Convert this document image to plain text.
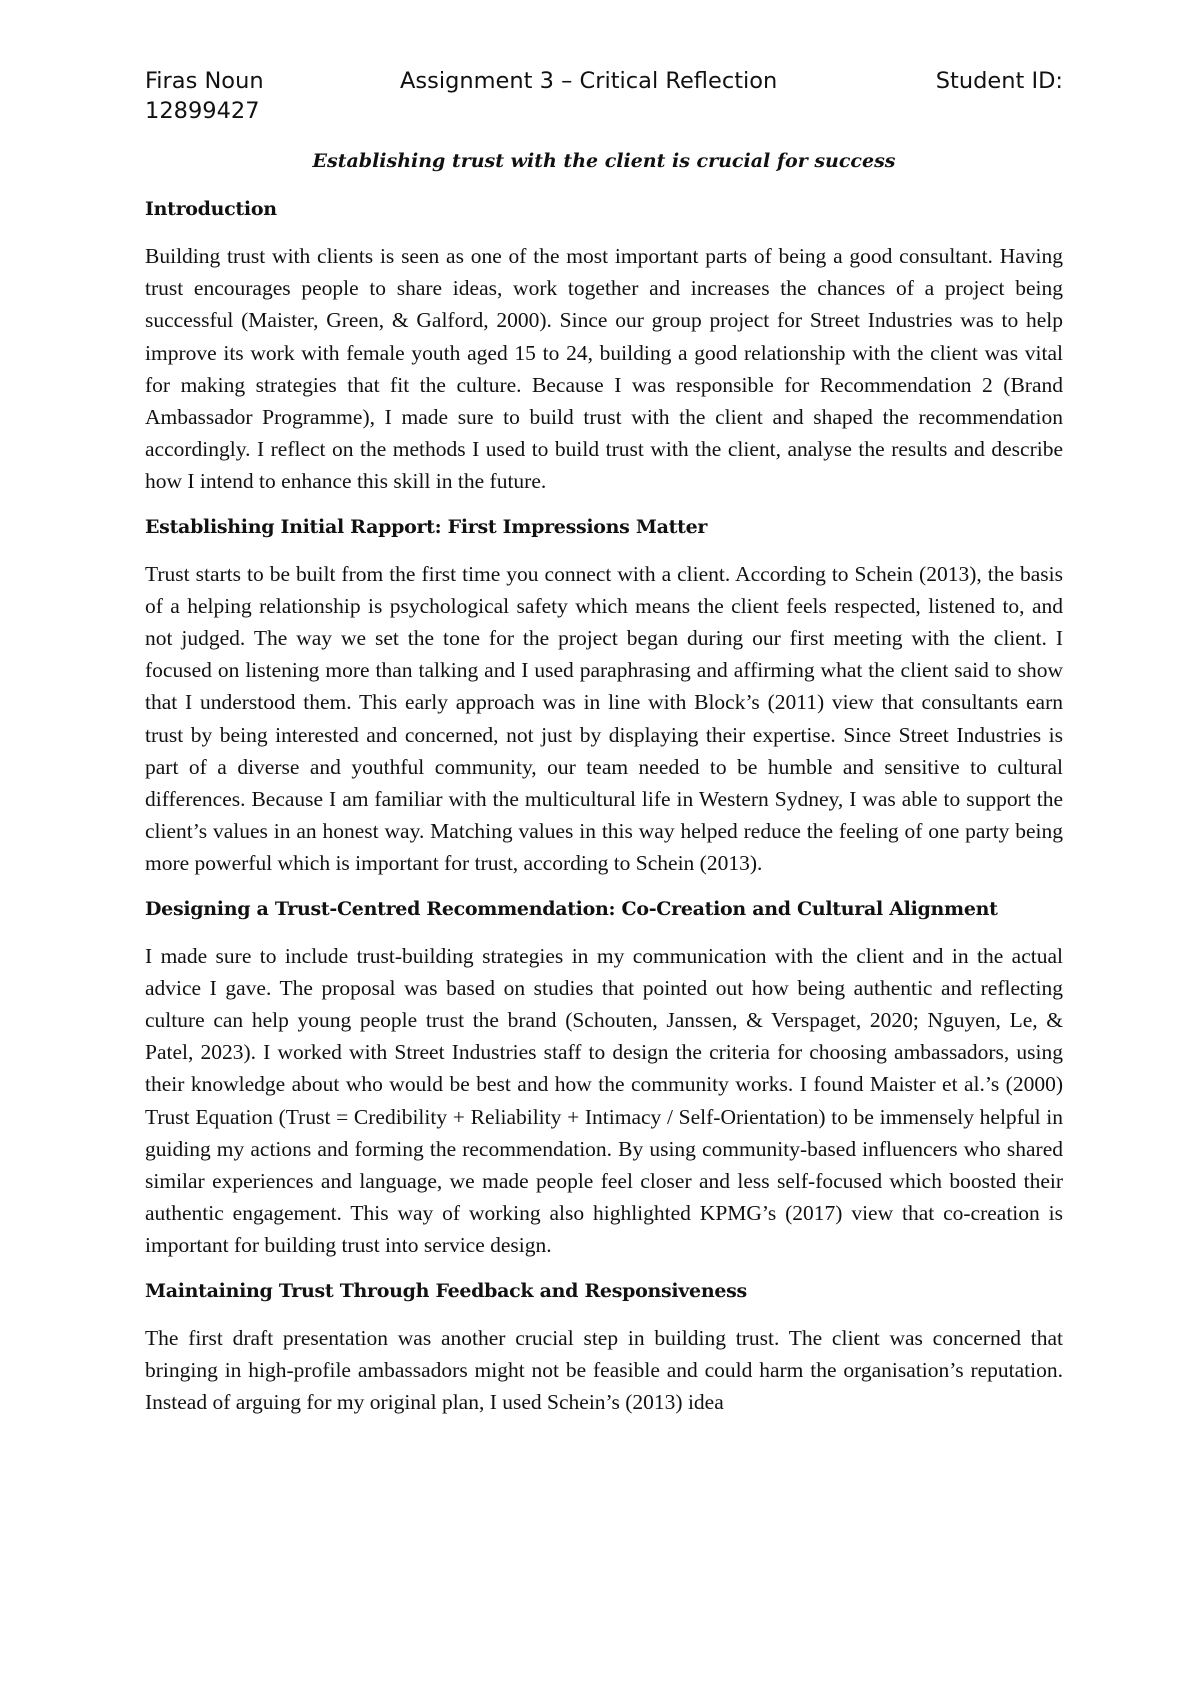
Firas Noun	Assignment 3 – Critical Reflection	Student ID:
12899427
Establishing trust with the client is crucial for success
Introduction

Building trust with clients is seen as one of the most important parts of being a good consultant. Having trust encourages people to share ideas, work together and increases the chances of a project being successful (Maister, Green, & Galford, 2000). Since our group project for Street Industries was to help improve its work with female youth aged 15 to 24, building a good relationship with the client was vital for making strategies that fit the culture. Because I was responsible for Recommendation 2 (Brand Ambassador Programme), I made sure to build trust with the client and shaped the recommendation accordingly. I reflect on the methods I used to build trust with the client, analyse the results and describe how I intend to enhance this skill in the future.

Establishing Initial Rapport: First Impressions Matter

Trust starts to be built from the first time you connect with a client. According to Schein (2013), the basis of a helping relationship is psychological safety which means the client feels respected, listened to, and not judged. The way we set the tone for the project began during our first meeting with the client. I focused on listening more than talking and I used paraphrasing and affirming what the client said to show that I understood them. This early approach was in line with Block’s (2011) view that consultants earn trust by being interested and concerned, not just by displaying their expertise. Since Street Industries is part of a diverse and youthful community, our team needed to be humble and sensitive to cultural differences. Because I am familiar with the multicultural life in Western Sydney, I was able to support the client’s values in an honest way. Matching values in this way helped reduce the feeling of one party being more powerful which is important for trust, according to Schein (2013).

Designing a Trust-Centred Recommendation: Co-Creation and Cultural Alignment

I made sure to include trust-building strategies in my communication with the client and in the actual advice I gave. The proposal was based on studies that pointed out how being authentic and reflecting culture can help young people trust the brand (Schouten, Janssen, & Verspaget, 2020; Nguyen, Le, & Patel, 2023). I worked with Street Industries staff to design the criteria for choosing ambassadors, using their knowledge about who would be best and how the community works. I found Maister et al.’s (2000) Trust Equation (Trust = Credibility + Reliability + Intimacy / Self-Orientation) to be immensely helpful in guiding my actions and forming the recommendation. By using community-based influencers who shared similar experiences and language, we made people feel closer and less self-focused which boosted their authentic engagement. This way of working also highlighted KPMG’s (2017) view that co-creation is important for building trust into service design.

Maintaining Trust Through Feedback and Responsiveness

The first draft presentation was another crucial step in building trust. The client was concerned that bringing in high-profile ambassadors might not be feasible and could harm the organisation’s reputation. Instead of arguing for my original plan, I used Schein’s (2013) idea
